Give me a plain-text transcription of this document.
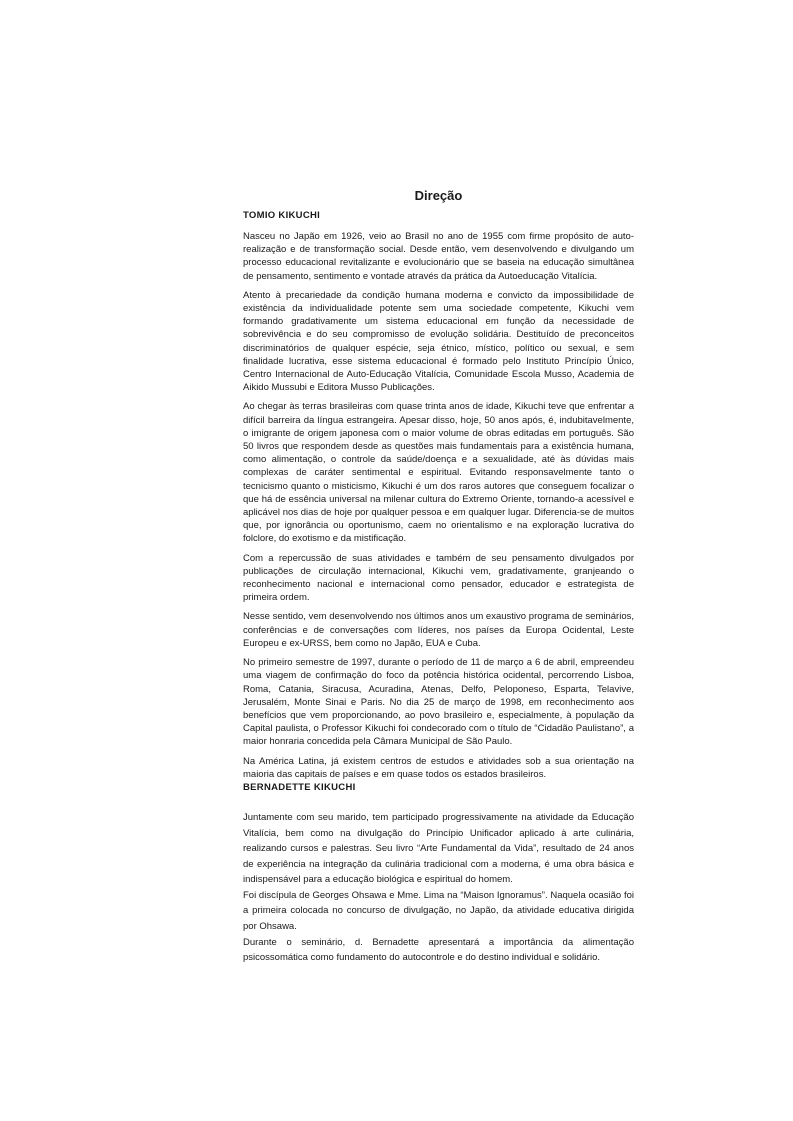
Direção
TOMIO KIKUCHI

Nasceu no Japão em 1926, veio ao Brasil no ano de 1955 com firme propósito de auto-realização e de transformação social. Desde então, vem desenvolvendo e divulgando um processo educacional revitalizante e evolucionário que se baseia na educação simultânea de pensamento, sentimento e vontade através da prática da Autoeducação Vitalícia.

Atento à precariedade da condição humana moderna e convicto da impossibilidade de existência da individualidade potente sem uma sociedade competente, Kikuchi vem formando gradativamente um sistema educacional em função da necessidade de sobrevivência e do seu compromisso de evolução solidária. Destituído de preconceitos discriminatórios de qualquer espécie, seja étnico, místico, político ou sexual, e sem finalidade lucrativa, esse sistema educacional é formado pelo Instituto Princípio Único, Centro Internacional de Auto-Educação Vitalícia, Comunidade Escola Musso, Academia de Aikido Mussubi e Editora Musso Publicações.

Ao chegar às terras brasileiras com quase trinta anos de idade, Kikuchi teve que enfrentar a difícil barreira da língua estrangeira. Apesar disso, hoje, 50 anos após, é, indubitavelmente, o imigrante de origem japonesa com o maior volume de obras editadas em português. São 50 livros que respondem desde as questões mais fundamentais para a existência humana, como alimentação, o controle da saúde/doença e a sexualidade, até às dúvidas mais complexas de caráter sentimental e espiritual. Evitando responsavelmente tanto o tecnicismo quanto o misticismo, Kikuchi é um dos raros autores que conseguem focalizar o que há de essência universal na milenar cultura do Extremo Oriente, tornando-a acessível e aplicável nos dias de hoje por qualquer pessoa e em qualquer lugar. Diferencia-se de muitos que, por ignorância ou oportunismo, caem no orientalismo e na exploração lucrativa do folclore, do exotismo e da mistificação.

Com a repercussão de suas atividades e também de seu pensamento divulgados por publicações de circulação internacional, Kikuchi vem, gradativamente, granjeando o reconhecimento nacional e internacional como pensador, educador e estrategista de primeira ordem.

Nesse sentido, vem desenvolvendo nos últimos anos um exaustivo programa de seminários, conferências e de conversações com líderes, nos países da Europa Ocidental, Leste Europeu e ex-URSS, bem como no Japão, EUA e Cuba.

No primeiro semestre de 1997, durante o período de 11 de março a 6 de abril, empreendeu uma viagem de confirmação do foco da potência histórica ocidental, percorrendo Lisboa, Roma, Catania, Siracusa, Acuradina, Atenas, Delfo, Peloponeso, Esparta, Telavive, Jerusalém, Monte Sinai e Paris. No dia 25 de março de 1998, em reconhecimento aos benefícios que vem proporcionando, ao povo brasileiro e, especialmente, à população da Capital paulista, o Professor Kikuchi foi condecorado com o título de “Cidadão Paulistano”, a maior honraria concedida pela Câmara Municipal de São Paulo.

Na América Latina, já existem centros de estudos e atividades sob a sua orientação na maioria das capitais de países e em quase todos os estados brasileiros.

BERNADETTE KIKUCHI

Juntamente com seu marido, tem participado progressivamente na atividade da Educação Vitalícia, bem como na divulgação do Princípio Unificador aplicado à arte culinária, realizando cursos e palestras. Seu livro “Arte Fundamental da Vida”, resultado de 24 anos de experiência na integração da culinária tradicional com a moderna, é uma obra básica e indispensável para a educação biológica e espiritual do homem.

Foi discípula de Georges Ohsawa e Mme. Lima na “Maison Ignoramus”. Naquela ocasião foi a primeira colocada no concurso de divulgação, no Japão, da atividade educativa dirigida por Ohsawa.

Durante o seminário, d. Bernadette apresentará a importância da alimentação psicossomática como fundamento do autocontrole e do destino individual e solidário.
